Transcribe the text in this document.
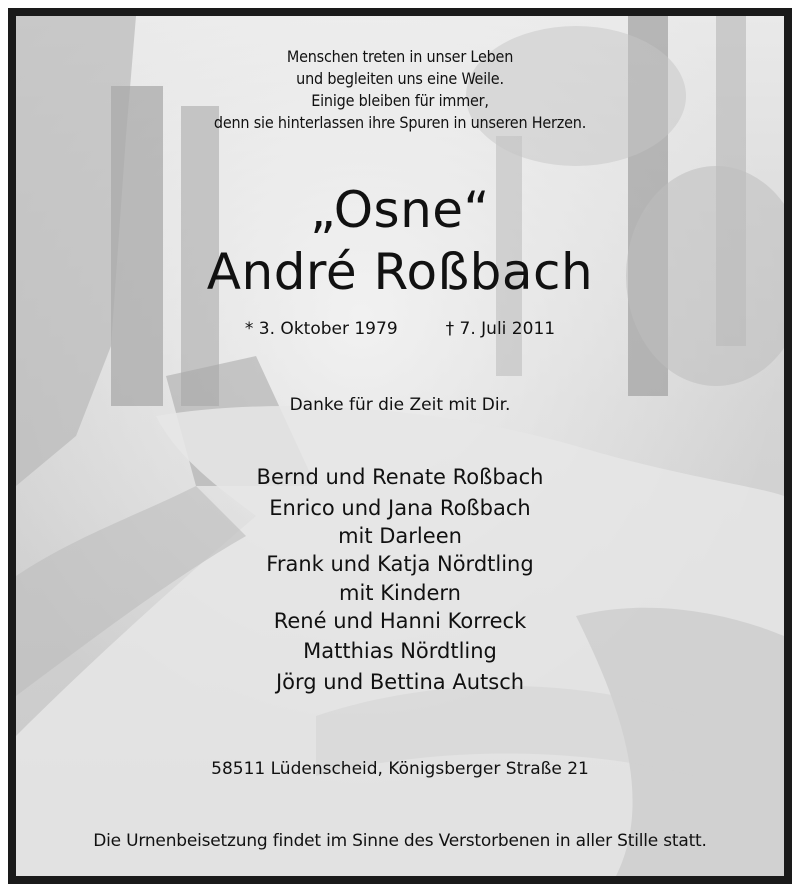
Menschen treten in unser Leben
und begleiten uns eine Weile.
Einige bleiben für immer,
denn sie hinterlassen ihre Spuren in unseren Herzen.
„Osne“
André Roßbach
* 3. Oktober 1979	† 7. Juli 2011
Danke für die Zeit mit Dir.
Bernd und Renate Roßbach
Enrico und Jana Roßbach
mit Darleen
Frank und Katja Nördtling
mit Kindern
René und Hanni Korreck
Matthias Nördtling
Jörg und Bettina Autsch
58511 Lüdenscheid, Königsberger Straße 21
Die Urnenbeisetzung findet im Sinne des Verstorbenen in aller Stille statt.
